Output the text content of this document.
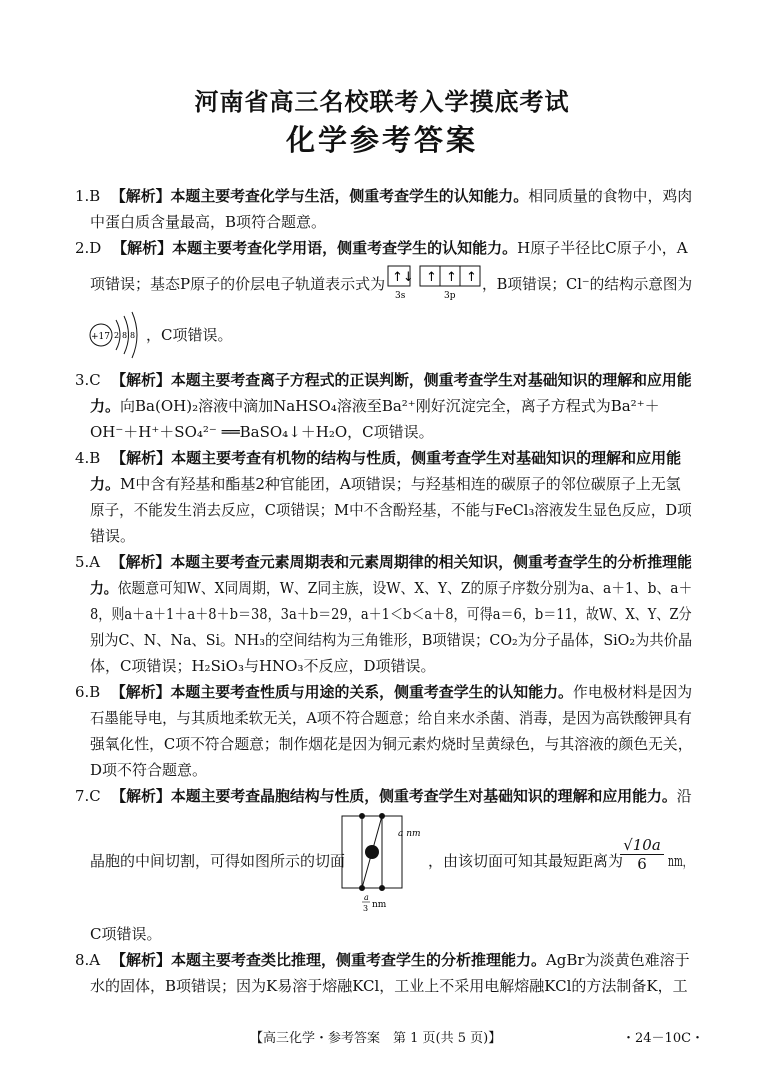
河南省高三名校联考入学摸底考试
化学参考答案
1.B 【解析】本题主要考查化学与生活，侧重考查学生的认知能力。相同质量的食物中，鸡肉
中蛋白质含量最高，B项符合题意。
2.D 【解析】本题主要考查化学用语，侧重考查学生的认知能力。H原子半径比C原子小，A
项错误；基态P原子的价层电子轨道表示式为 ↑↓ ↑ ↑ ↑
3s	3p
，B项错误；Cl⁻的结构示意图为
+17 2 8 8 ，C项错误。
3.C 【解析】本题主要考查离子方程式的正误判断，侧重考查学生对基础知识的理解和应用能
力。向Ba(OH)₂溶液中滴加NaHSO₄溶液至Ba²⁺刚好沉淀完全，离子方程式为Ba²⁺＋
OH⁻＋H⁺＋SO₄²⁻ ══BaSO₄↓＋H₂O，C项错误。
4.B 【解析】本题主要考查有机物的结构与性质，侧重考查学生对基础知识的理解和应用能
力。M中含有羟基和酯基2种官能团，A项错误；与羟基相连的碳原子的邻位碳原子上无氢
原子，不能发生消去反应，C项错误；M中不含酚羟基，不能与FeCl₃溶液发生显色反应，D项
错误。
5.A 【解析】本题主要考查元素周期表和元素周期律的相关知识，侧重考查学生的分析推理能
力。依题意可知W、X同周期，W、Z同主族，设W、X、Y、Z的原子序数分别为a、a＋1、b、a＋
8，则a＋a＋1＋a＋8＋b＝38，3a＋b＝29，a＋1＜b＜a＋8，可得a＝6，b＝11，故W、X、Y、Z分
别为C、N、Na、Si。NH₃的空间结构为三角锥形，B项错误；CO₂为分子晶体，SiO₂为共价晶
体，C项错误；H₂SiO₃与HNO₃不反应，D项错误。
6.B 【解析】本题主要考查性质与用途的关系，侧重考查学生的认知能力。作电极材料是因为
石墨能导电，与其质地柔软无关，A项不符合题意；给自来水杀菌、消毒，是因为高铁酸钾具有
强氧化性，C项不符合题意；制作烟花是因为铜元素灼烧时呈黄绿色，与其溶液的颜色无关，
D项不符合题意。
7.C 【解析】本题主要考查晶胞结构与性质，侧重考查学生对基础知识的理解和应用能力。沿
晶胞的中间切割，可得如图所示的切面
a nm
a
3 nm
，由该切面可知其最短距离为
$\frac{√10a}{6}$ nm，
C项错误。
8.A 【解析】本题主要考查类比推理，侧重考查学生的分析推理能力。AgBr为淡黄色难溶于
水的固体，B项错误；因为K易溶于熔融KCl，工业上不采用电解熔融KCl的方法制备K，工
【高三化学・参考答案　第 1 页(共 5 页)】	・24－10C・
